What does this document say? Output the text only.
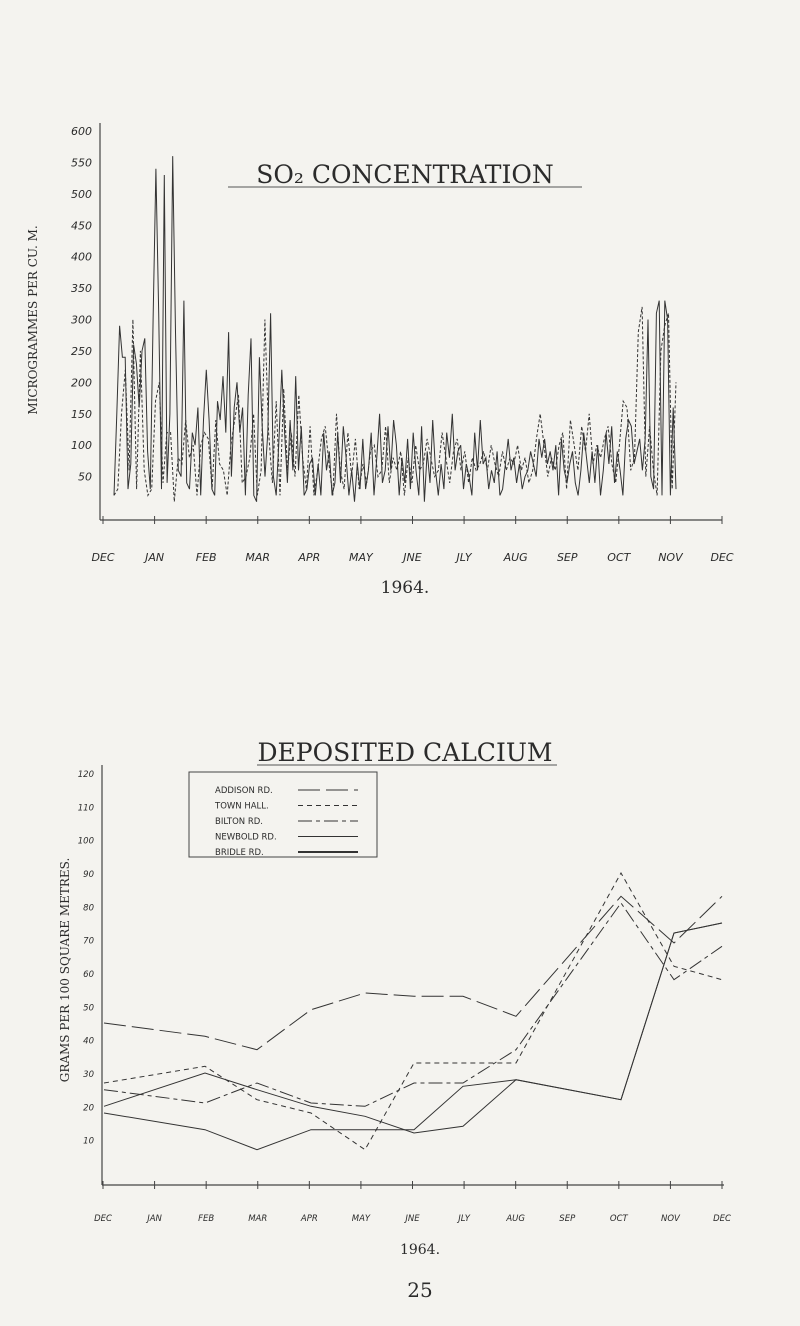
SO₂ CONCENTRATION
MICROGRAMMES PER CU. M.
1964.
600
550
500
450
400
350
300
250
200
150
100
50
DEC	JAN	FEB	MAR	APR	MAY	JNE	JLY	AUG	SEP	OCT	NOV	DEC
DEPOSITED CALCIUM
GRAMS PER 100 SQUARE METRES.
1964.
120
110
100
90
80
70
60
50
40
30
20
10
DEC	JAN	FEB	MAR	APR	MAY	JNE	JLY	AUG	SEP	OCT	NOV	DEC
ADDISON RD.
TOWN HALL.
BILTON RD.
NEWBOLD RD.
BRIDLE RD.
25
